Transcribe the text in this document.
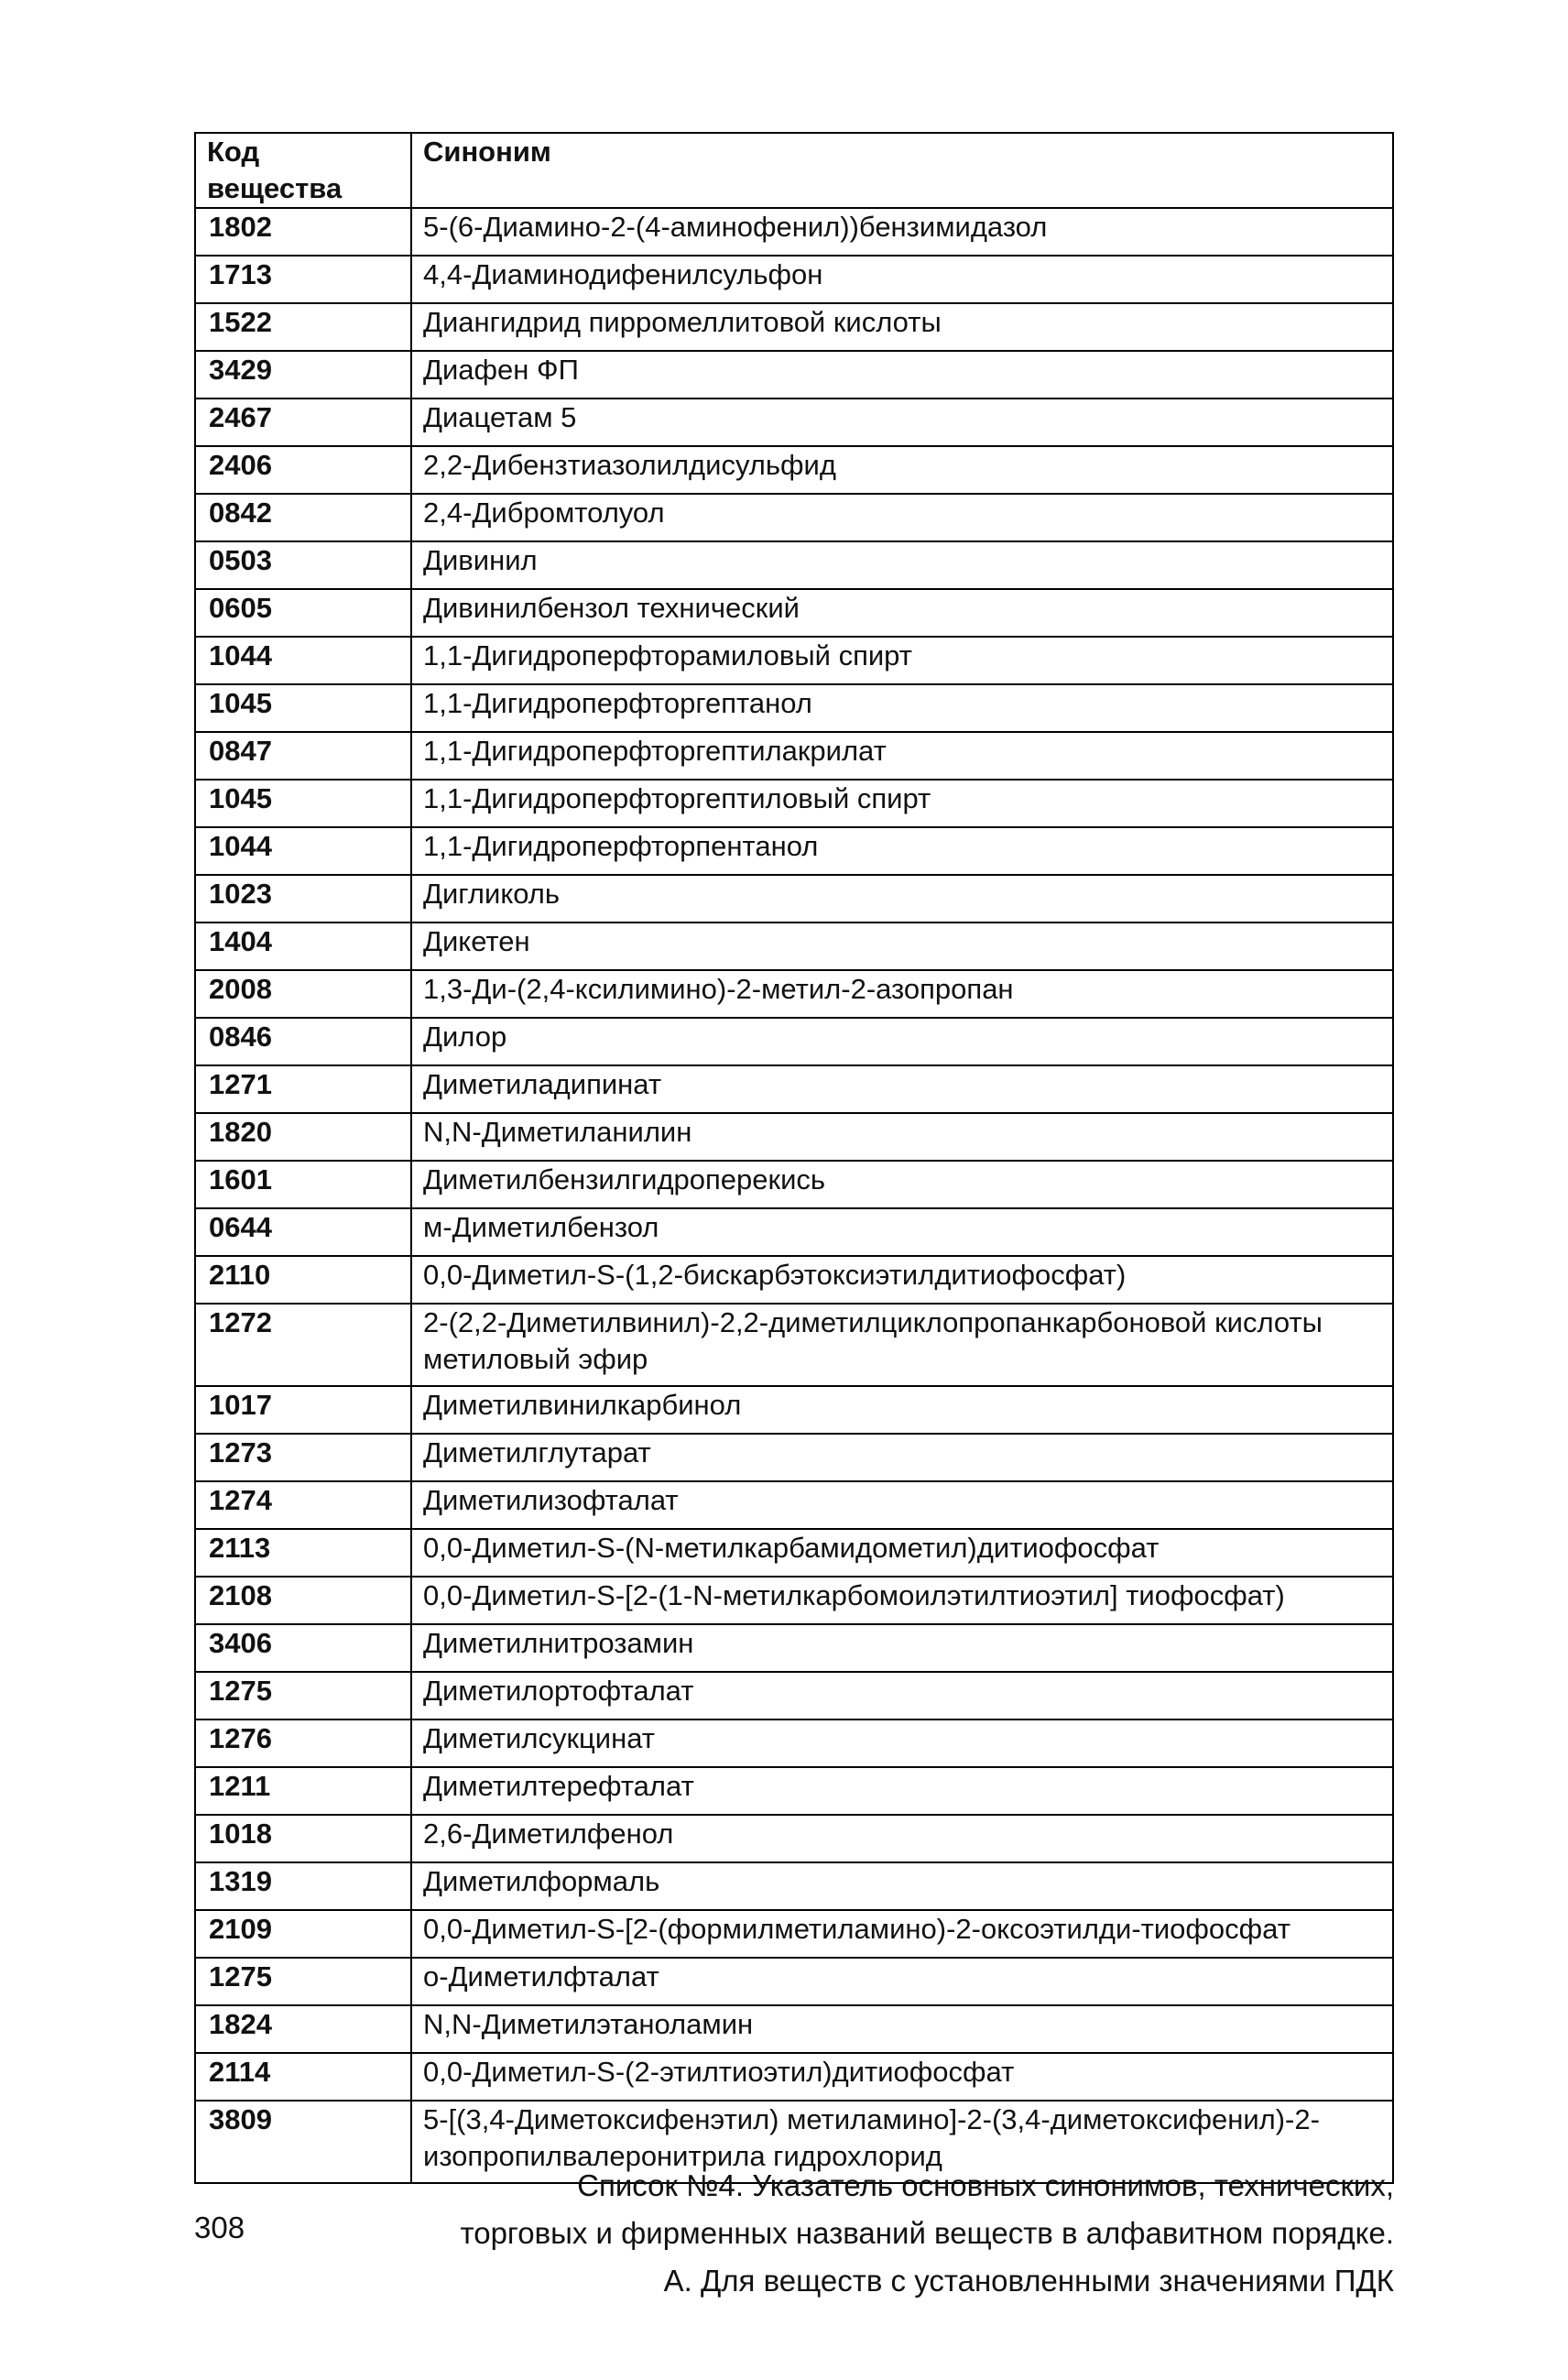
Код вещества	Синоним
1802	5-(6-Диамино-2-(4-аминофенил))бензимидазол

1713	4,4-Диаминодифенилсульфон

1522	Диангидрид пирромеллитовой кислоты

3429	Диафен ФП

2467	Диацетам 5

2406	2,2-Дибензтиазолилдисульфид

0842	2,4-Дибромтолуол

0503	Дивинил

0605	Дивинилбензол технический

1044	1,1-Дигидроперфторамиловый спирт

1045	1,1-Дигидроперфторгептанол

0847	1,1-Дигидроперфторгептилакрилат

1045	1,1-Дигидроперфторгептиловый спирт

1044	1,1-Дигидроперфторпентанол

1023	Дигликоль

1404	Дикетен

2008	1,3-Ди-(2,4-ксилимино)-2-метил-2-азопропан

0846	Дилор

1271	Диметиладипинат

1820	N,N-Диметиланилин

1601	Диметилбензилгидроперекись

0644	м-Диметилбензол

2110	0,0-Диметил-S-(1,2-бискарбэтоксиэтилдитиофосфат)

1272	2-(2,2-Диметилвинил)-2,2-диметилциклопропанкарбоновой кислоты
метиловый эфир

1017	Диметилвинилкарбинол

1273	Диметилглутарат

1274	Диметилизофталат

2113	0,0-Диметил-S-(N-метилкарбамидометил)дитиофосфат

2108	0,0-Диметил-S-[2-(1-N-метилкарбомоилэтилтиоэтил] тиофосфат)

3406	Диметилнитрозамин

1275	Диметилортофталат

1276	Диметилсукцинат

1211	Диметилтерефталат

1018	2,6-Диметилфенол

1319	Диметилформаль

2109	0,0-Диметил-S-[2-(формилметиламино)-2-оксоэтилди-тиофосфат

1275	о-Диметилфталат

1824	N,N-Диметилэтаноламин

2114	0,0-Диметил-S-(2-этилтиоэтил)дитиофосфат

3809	5-[(3,4-Диметоксифенэтил) метиламино]-2-(3,4-диметоксифенил)-2-
изопропилвалеронитрила гидрохлорид
308
Список №4. Указатель основных синонимов, технических,
торговых и фирменных названий веществ в алфавитном порядке.
А. Для веществ с установленными значениями ПДК
